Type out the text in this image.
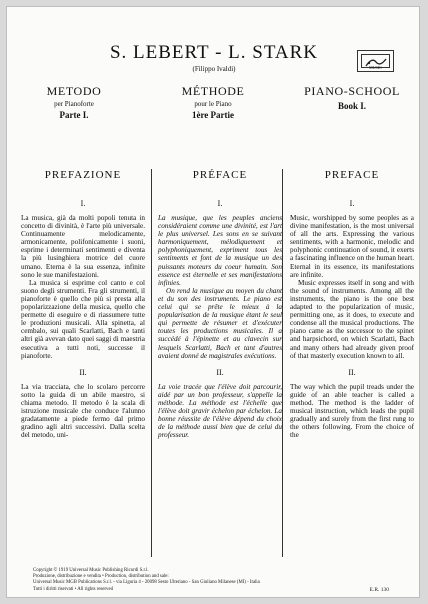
S. LEBERT - L. STARK
(Filippo Ivaldi)	MUSIC
METODO
per Pianoforte
Parte I.
MÉTHODE
pour le Piano
1ère Partie
PIANO-SCHOOL
Book I.
PREFAZIONE
I.

La musica, già da molti popoli tenuta in concetto di divinità, è l'arte più universale. Continuamente melodicamente, armonicamente, polifonicamente i suoni, esprime i determinati sentimenti e diventa la più lusinghiera motrice del cuore umano. Eterna è la sua essenza, infinite sono le sue manifestazioni.

La musica si esprime col canto e col suono degli strumenti. Fra gli strumenti, il pianoforte è quello che più si presta alla popolarizzazione della musica, quello che permette di eseguire e di riassumere tutte le produzioni musicali. Alla spinetta, al cembalo, sui quali Scarlatti, Bach e tanti altri già avevan dato quei saggi di maestria esecutiva a tutti noti, successe il pianoforte.

II.

La via tracciata, che lo scolaro percorre sotto la guida di un abile maestro, si chiama metodo. Il metodo è la scala di istruzione musicale che conduce l'alunno gradatamente a piede fermo dal primo gradino agli altri successivi. Dalla scelta del metodo, uni-

PRÉFACE
I.

La musique, que les peuples anciens considéraient comme une divinité, est l'art le plus universel. Les sons en se suivant harmoniquement, mélodiquement et polyphoniquement, expriment tous les sentiments et font de la musique un des puissants moteurs du coeur humain. Son essence est éternelle et ses manifestations infinies.

On rend la musique au moyen du chant et du son des instruments. Le piano est celui qui se prête le mieux à la popularisation de la musique étant le seul qui permette de résumer et d'exécuter toutes les productions musicales. Il a succédé à l'épinette et au clavecin sur lesquels Scarlatti, Bach et tant d'autres avaient donné de magistrales exécutions.

II.

La voie tracée que l'élève doit parcourir, aidé par un bon professeur, s'appelle la méthode. La méthode est l'échelle que l'élève doit gravir échelon par échelon. La bonne réussite de l'élève dépend du choix de la méthode aussi bien que de celui du professeur.

PREFACE
I.

Music, worshipped by some peoples as a divine manifestation, is the most universal of all the arts. Expressing the various sentiments, with a harmonic, melodic and polyphonic continuation of sound, it exerts a fascinating influence on the human heart. Eternal in its essence, its manifestations are infinite.

Music expresses itself in song and with the sound of instruments. Among all the instruments, the piano is the one best adapted to the popularization of music, permitting one, as it does, to execute and condense all the musical productions. The piano came as the successor to the spinet and harpsichord, on which Scarlatti, Bach and many others had already given proof of that masterly execution known to all.

II.

The way which the pupil treads under the guide of an able teacher is called a method. The method is the ladder of musical instruction, which leads the pupil gradually and surely from the first rung to the others following. From the choice of the

Copyright © 1919 Universal Music Publishing Ricordi S.r.l.
Produzione, distribuzione e vendita • Production, distribution and sale:
Universal Music MGB Publications S.r.l. - via Liguria 4 - 20098 Sesto Ulteriano - San Giuliano Milanese (MI) - Italia
Tutti i diritti riservati • All rights reserved	E.R. 130
